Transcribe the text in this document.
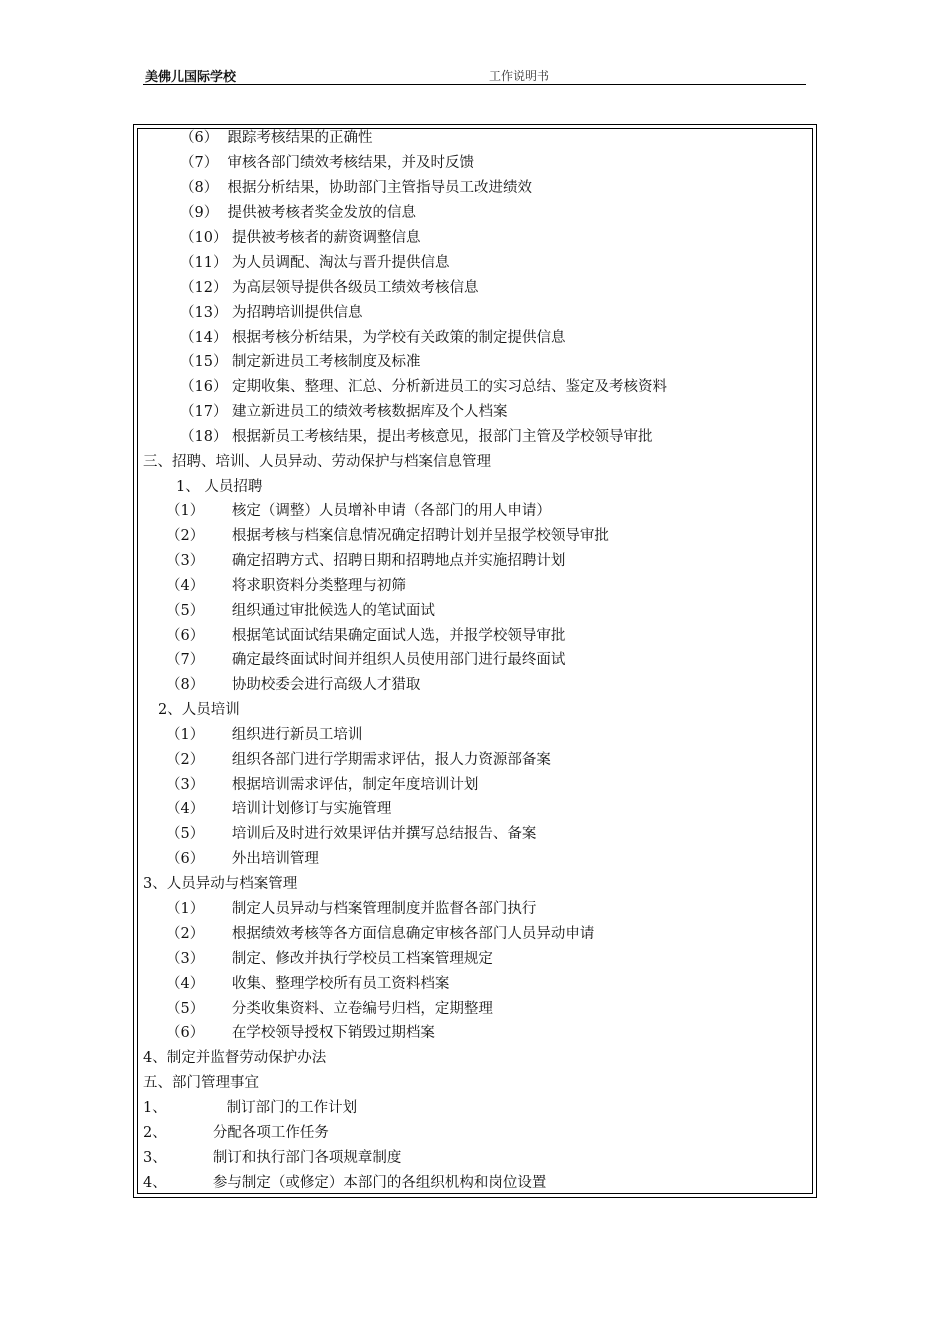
美佛儿国际学校	工作说明书
（6）  跟踪考核结果的正确性
（7）  审核各部门绩效考核结果，并及时反馈
（8）  根据分析结果，协助部门主管指导员工改进绩效
（9）  提供被考核者奖金发放的信息
（10） 提供被考核者的薪资调整信息
（11） 为人员调配、淘汰与晋升提供信息
（12） 为高层领导提供各级员工绩效考核信息
（13） 为招聘培训提供信息
（14） 根据考核分析结果，为学校有关政策的制定提供信息
（15） 制定新进员工考核制度及标准
（16） 定期收集、整理、汇总、分析新进员工的实习总结、鉴定及考核资料
（17） 建立新进员工的绩效考核数据库及个人档案
（18） 根据新员工考核结果，提出考核意见，报部门主管及学校领导审批
三、招聘、培训、人员异动、劳动保护与档案信息管理
1、 人员招聘
（1）      核定（调整）人员增补申请（各部门的用人申请）
（2）      根据考核与档案信息情况确定招聘计划并呈报学校领导审批
（3）      确定招聘方式、招聘日期和招聘地点并实施招聘计划
（4）      将求职资料分类整理与初筛
（5）      组织通过审批候选人的笔试面试
（6）      根据笔试面试结果确定面试人选，并报学校领导审批
（7）      确定最终面试时间并组织人员使用部门进行最终面试
（8）      协助校委会进行高级人才猎取
2、人员培训
（1）      组织进行新员工培训
（2）      组织各部门进行学期需求评估，报人力资源部备案
（3）      根据培训需求评估，制定年度培训计划
（4）      培训计划修订与实施管理
（5）      培训后及时进行效果评估并撰写总结报告、备案
（6）      外出培训管理
3、人员异动与档案管理
（1）      制定人员异动与档案管理制度并监督各部门执行
（2）      根据绩效考核等各方面信息确定审核各部门人员异动申请
（3）      制定、修改并执行学校员工档案管理规定
（4）      收集、整理学校所有员工资料档案
（5）      分类收集资料、立卷编号归档，定期整理
（6）      在学校领导授权下销毁过期档案
4、制定并监督劳动保护办法
五、部门管理事宜
1、             制订部门的工作计划
2、          分配各项工作任务
3、          制订和执行部门各项规章制度
4、          参与制定（或修定）本部门的各组织机构和岗位设置
